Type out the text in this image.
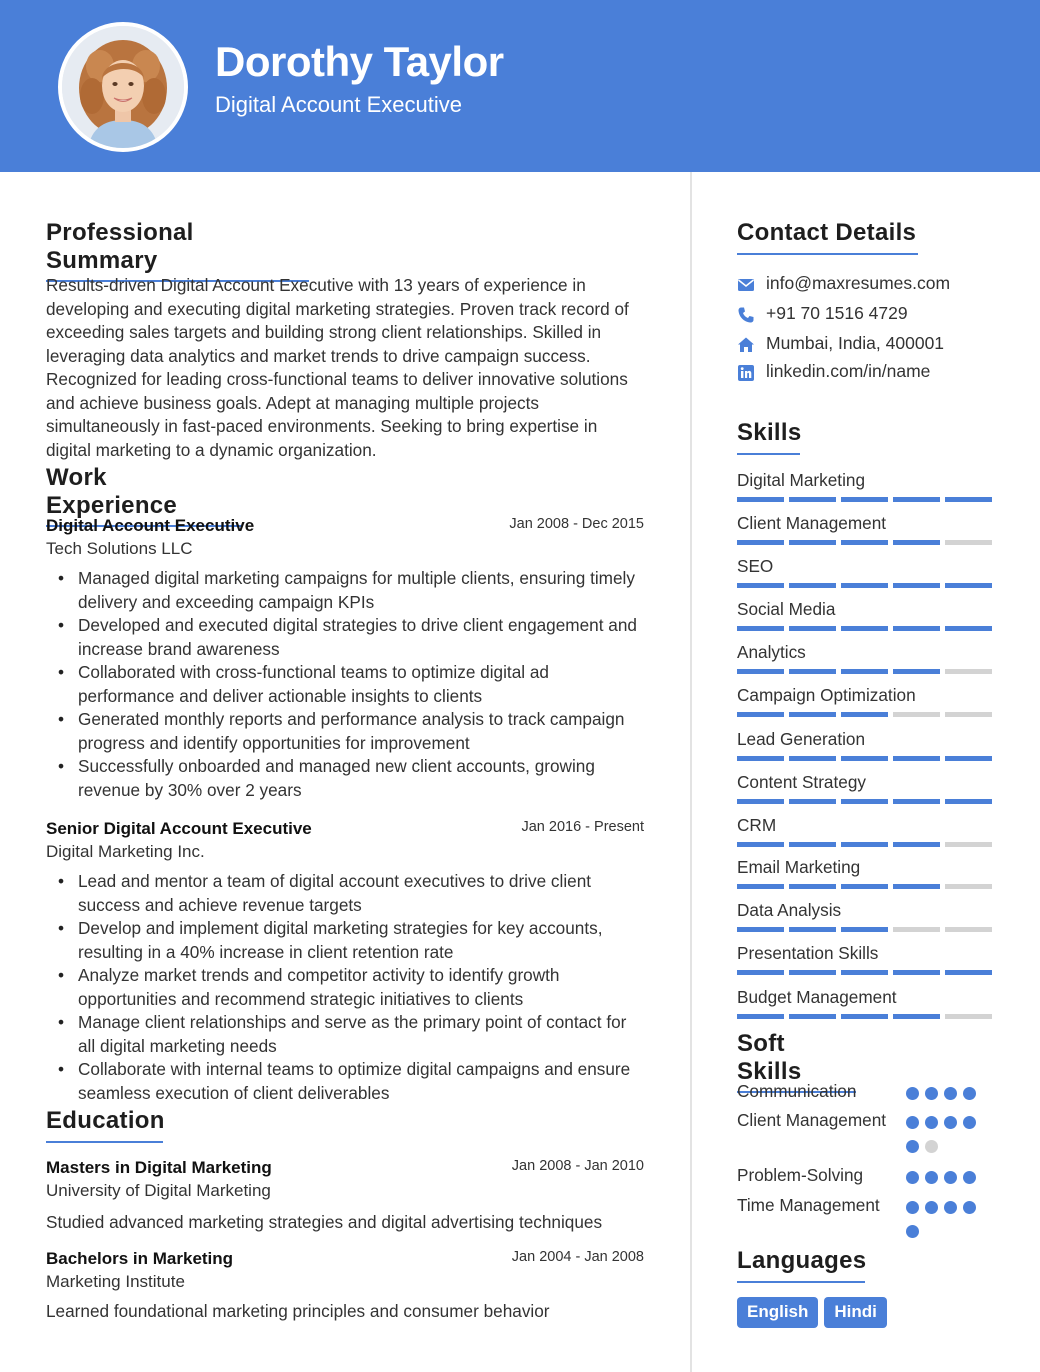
Dorothy Taylor
Digital Account Executive
Professional Summary
Results-driven Digital Account Executive with 13 years of experience in developing and executing digital marketing strategies. Proven track record of exceeding sales targets and building strong client relationships. Skilled in leveraging data analytics and market trends to drive campaign success. Recognized for leading cross-functional teams to deliver innovative solutions and achieve business goals. Adept at managing multiple projects simultaneously in fast-paced environments. Seeking to bring expertise in digital marketing to a dynamic organization.
Work Experience
Digital Account Executive	Jan 2008 - Dec 2015
Tech Solutions LLC
• Managed digital marketing campaigns for multiple clients, ensuring timely delivery and exceeding campaign KPIs
• Developed and executed digital strategies to drive client engagement and increase brand awareness
• Collaborated with cross-functional teams to optimize digital ad performance and deliver actionable insights to clients
• Generated monthly reports and performance analysis to track campaign progress and identify opportunities for improvement
• Successfully onboarded and managed new client accounts, growing revenue by 30% over 2 years
Senior Digital Account Executive	Jan 2016 - Present
Digital Marketing Inc.
• Lead and mentor a team of digital account executives to drive client success and achieve revenue targets
• Develop and implement digital marketing strategies for key accounts, resulting in a 40% increase in client retention rate
• Analyze market trends and competitor activity to identify growth opportunities and recommend strategic initiatives to clients
• Manage client relationships and serve as the primary point of contact for all digital marketing needs
• Collaborate with internal teams to optimize digital campaigns and ensure seamless execution of client deliverables
Education
Masters in Digital Marketing	Jan 2008 - Jan 2010
University of Digital Marketing
Studied advanced marketing strategies and digital advertising techniques
Bachelors in Marketing	Jan 2004 - Jan 2008
Marketing Institute
Learned foundational marketing principles and consumer behavior
Contact Details
info@maxresumes.com
+91 70 1516 4729
Mumbai, India, 400001
linkedin.com/in/name
Skills
Digital Marketing
Client Management
SEO
Social Media
Analytics
Campaign Optimization
Lead Generation
Content Strategy
CRM
Email Marketing
Data Analysis
Presentation Skills
Budget Management
Soft Skills
Communication
Client Management
Problem-Solving
Time Management
Languages
English	Hindi
